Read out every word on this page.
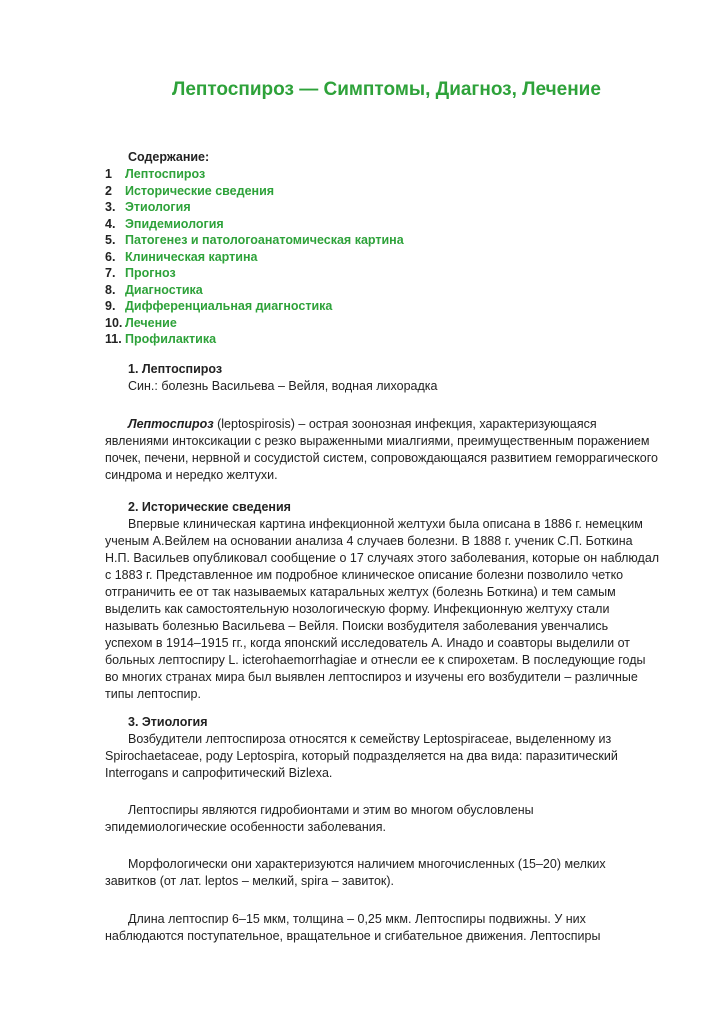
Лептоспироз — Симптомы, Диагноз, Лечение
Содержание:
1 Лептоспироз
2 Исторические сведения
3. Этиология
4. Эпидемиология
5. Патогенез и патологоанатомическая картина
6. Клиническая картина
7. Прогноз
8. Диагностика
9. Дифференциальная диагностика
10. Лечение
11. Профилактика
1. Лептоспироз
Син.: болезнь Васильева – Вейля, водная лихорадка
Лептоспироз (leptospirosis) – острая зоонозная инфекция, характеризующаяся
явлениями интоксикации с резко выраженными миалгиями, преимущественным поражением
почек, печени, нервной и сосудистой систем, сопровождающаяся развитием геморрагического
синдрома и нередко желтухи.
2. Исторические сведения
Впервые клиническая картина инфекционной желтухи была описана в 1886 г. немецким
ученым А.Вейлем на основании анализа 4 случаев болезни. В 1888 г. ученик С.П. Боткина
Н.П. Васильев опубликовал сообщение о 17 случаях этого заболевания, которые он наблюдал
с 1883 г. Представленное им подробное клиническое описание болезни позволило четко
отграничить ее от так называемых катаральных желтух (болезнь Боткина) и тем самым
выделить как самостоятельную нозологическую форму. Инфекционную желтуху стали
называть болезнью Васильева – Вейля. Поиски возбудителя заболевания увенчались
успехом в 1914–1915 гг., когда японский исследователь А. Инадо и соавторы выделили от
больных лептоспиру L. icterohaemorrhagiae и отнесли ее к спирохетам. В последующие годы
во многих странах мира был выявлен лептоспироз и изучены его возбудители – различные
типы лептоспир.
3. Этиология
Возбудители лептоспироза относятся к семейству Leptospiraceae, выделенному из
Spirochaetaceae, роду Leptospira, который подразделяется на два вида: паразитический
Interrogans и сапрофитический Bizlexa.
Лептоспиры являются гидробионтами и этим во многом обусловлены
эпидемиологические особенности заболевания.
Морфологически они характеризуются наличием многочисленных (15–20) мелких
завитков (от лат. leptos – мелкий, spira – завиток).
Длина лептоспир 6–15 мкм, толщина – 0,25 мкм. Лептоспиры подвижны. У них
наблюдаются поступательное, вращательное и сгибательное движения. Лептоспиры
